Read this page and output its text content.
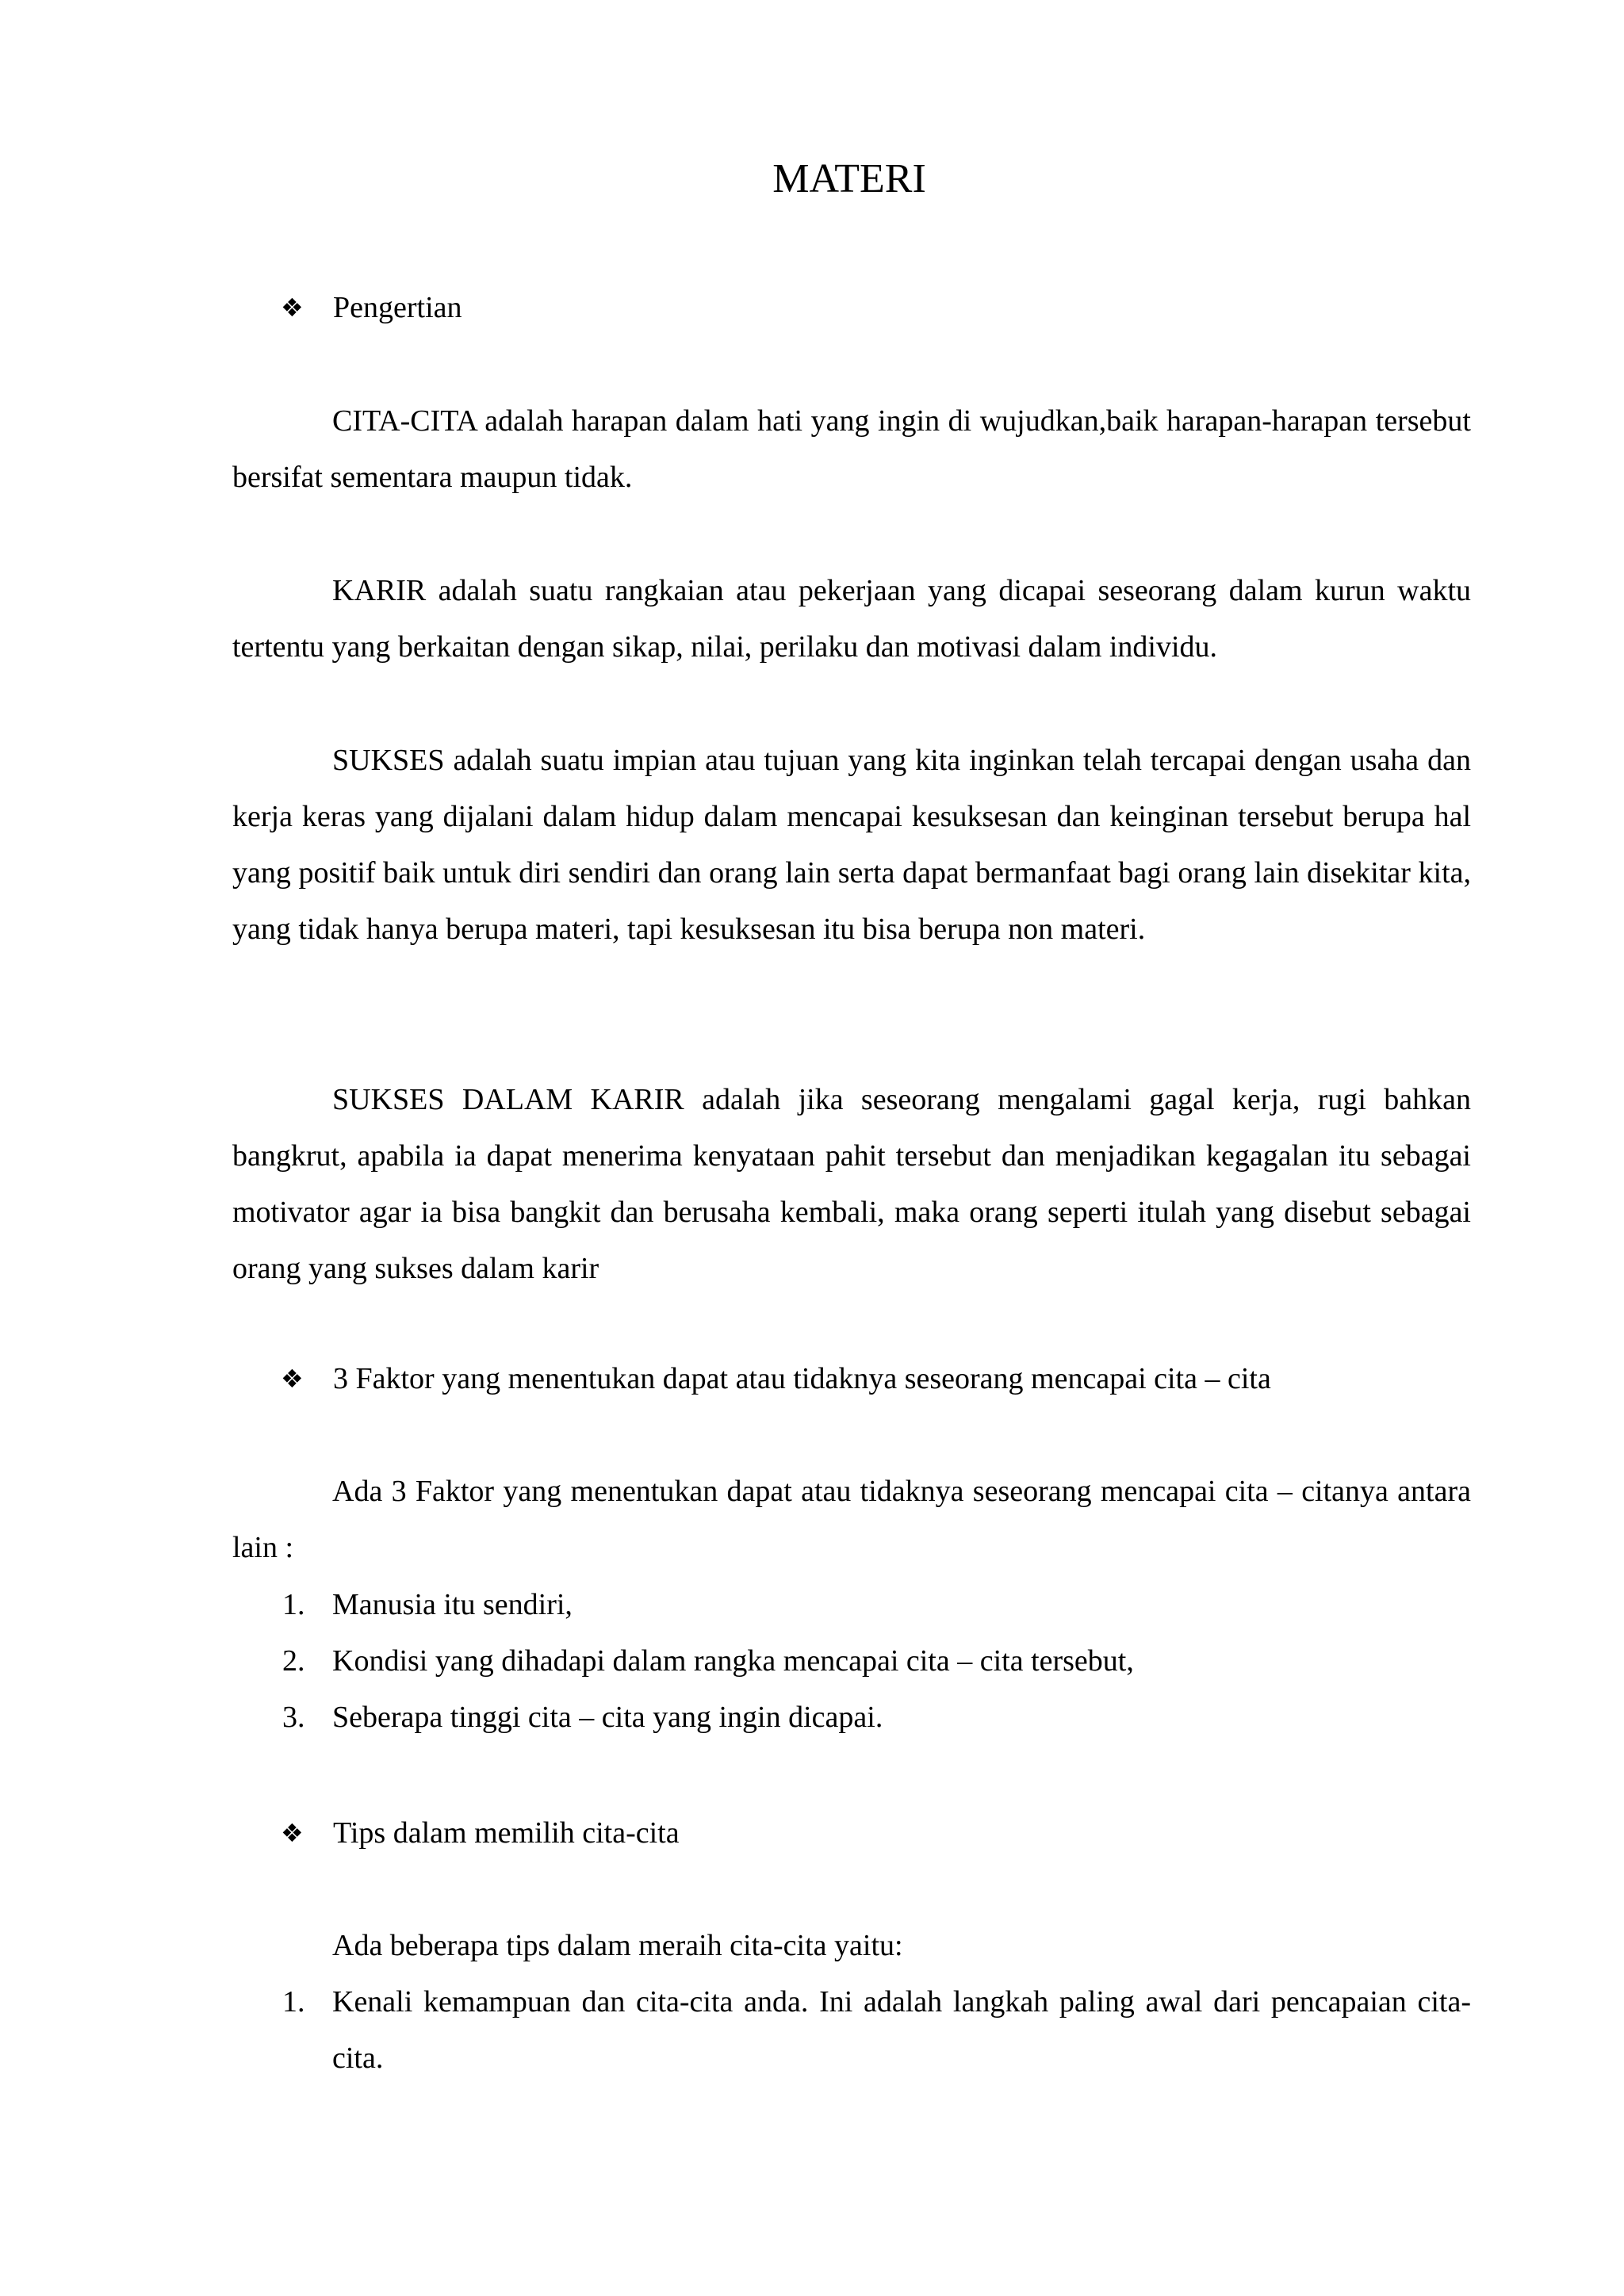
MATERI
❖ Pengertian

CITA-CITA adalah harapan dalam hati yang ingin di wujudkan,baik harapan-harapan tersebut bersifat sementara maupun tidak.

KARIR adalah suatu rangkaian atau pekerjaan yang dicapai seseorang dalam kurun waktu tertentu yang berkaitan dengan sikap, nilai, perilaku dan motivasi dalam individu.

SUKSES adalah suatu impian atau tujuan yang kita inginkan telah tercapai dengan usaha dan kerja keras yang dijalani dalam hidup dalam mencapai kesuksesan dan keinginan tersebut berupa hal yang positif baik untuk diri sendiri dan orang lain serta dapat bermanfaat bagi orang lain disekitar kita, yang tidak hanya berupa materi, tapi kesuksesan itu bisa berupa non materi.

SUKSES DALAM KARIR adalah jika seseorang mengalami gagal kerja, rugi bahkan bangkrut, apabila ia dapat menerima kenyataan pahit tersebut dan menjadikan kegagalan itu sebagai motivator agar ia bisa bangkit dan berusaha kembali, maka orang seperti itulah yang disebut sebagai orang yang sukses dalam karir

❖ 3 Faktor yang menentukan dapat atau tidaknya seseorang mencapai cita – cita

Ada 3 Faktor yang menentukan dapat atau tidaknya seseorang mencapai cita – citanya antara lain :

1. Manusia itu sendiri,
2. Kondisi yang dihadapi dalam rangka mencapai cita – cita tersebut,
3. Seberapa tinggi cita – cita yang ingin dicapai.
❖ Tips dalam memilih cita-cita

Ada beberapa tips dalam meraih cita-cita yaitu:

1. Kenali kemampuan dan cita-cita anda. Ini adalah langkah paling awal dari pencapaian cita-cita.
